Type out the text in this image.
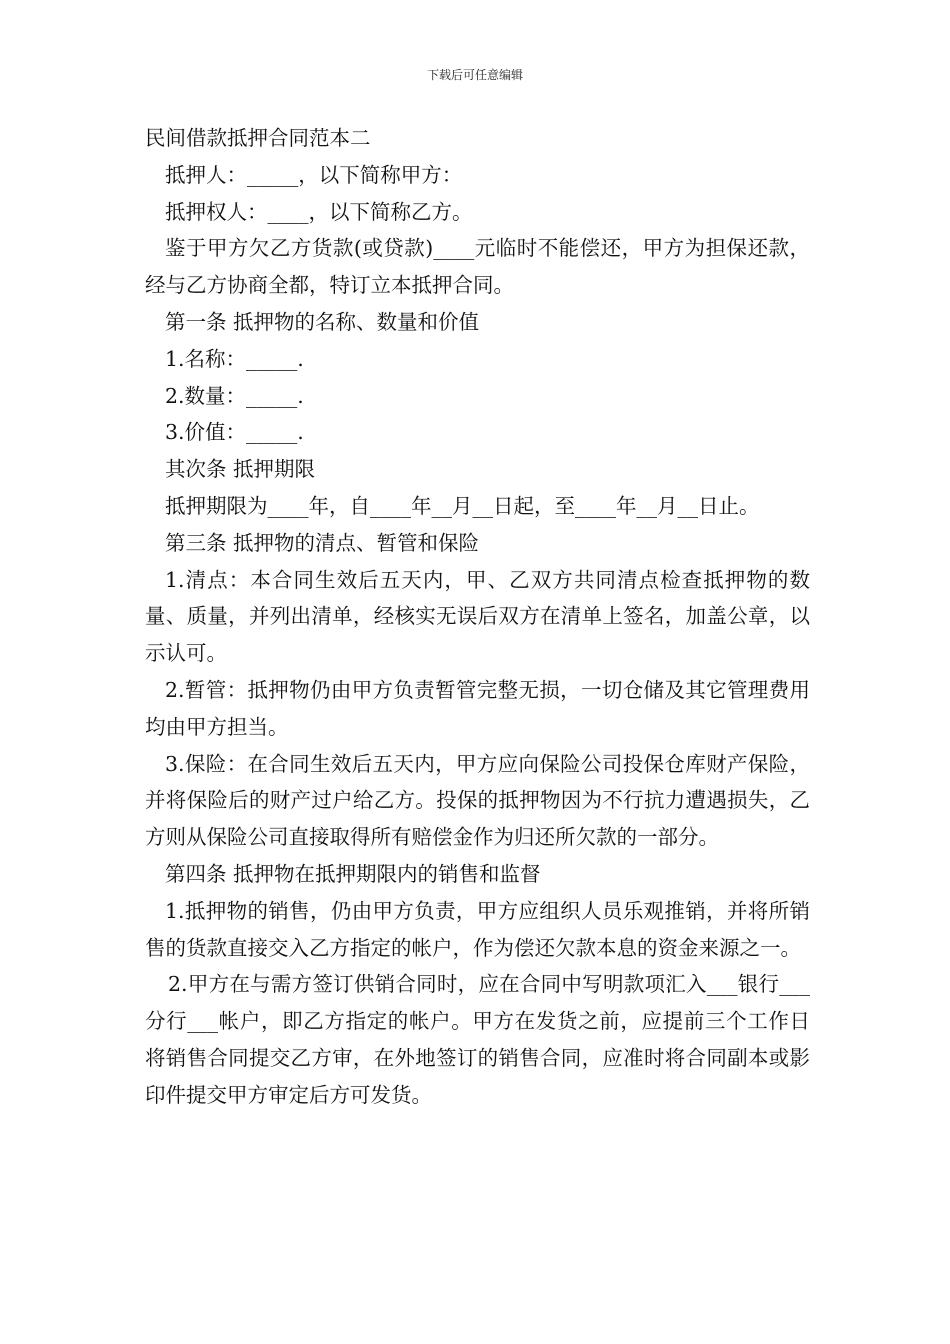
下载后可任意编辑

民间借款抵押合同范本二

抵押人：_____，以下简称甲方：

抵押权人：____，以下简称乙方。

鉴于甲方欠乙方货款(或贷款)____元临时不能偿还，甲方为担保还款，经与乙方协商全都，特订立本抵押合同。

第一条 抵押物的名称、数量和价值

1.名称：_____.

2.数量：_____.

3.价值：_____.

其次条 抵押期限

抵押期限为____年，自____年__月__日起，至____年__月__日止。

第三条 抵押物的清点、暂管和保险

1.清点：本合同生效后五天内，甲、乙双方共同清点检查抵押物的数量、质量，并列出清单，经核实无误后双方在清单上签名，加盖公章，以示认可。

2.暂管：抵押物仍由甲方负责暂管完整无损，一切仓储及其它管理费用均由甲方担当。

3.保险：在合同生效后五天内，甲方应向保险公司投保仓库财产保险，并将保险后的财产过户给乙方。投保的抵押物因为不行抗力遭遇损失，乙方则从保险公司直接取得所有赔偿金作为归还所欠款的一部分。

第四条 抵押物在抵押期限内的销售和监督

1.抵押物的销售，仍由甲方负责，甲方应组织人员乐观推销，并将所销售的货款直接交入乙方指定的帐户，作为偿还欠款本息的资金来源之一。

2.甲方在与需方签订供销合同时，应在合同中写明款项汇入___银行___分行___帐户，即乙方指定的帐户。甲方在发货之前，应提前三个工作日将销售合同提交乙方审，在外地签订的销售合同，应准时将合同副本或影印件提交甲方审定后方可发货。
